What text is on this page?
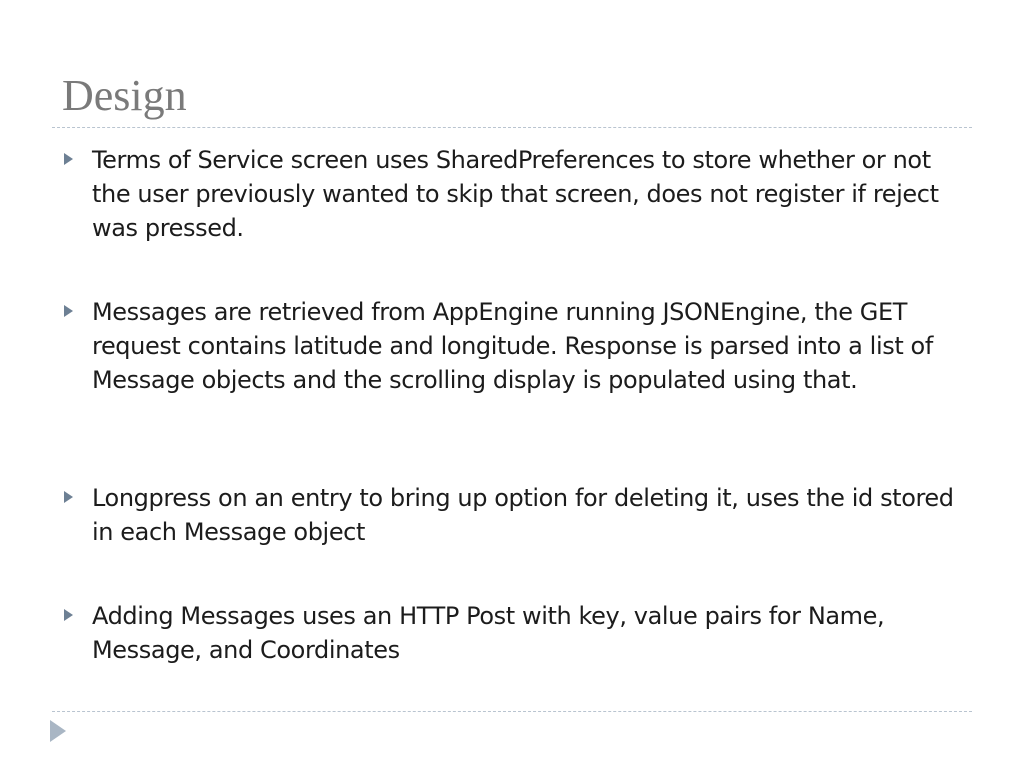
Design
Terms of Service screen uses SharedPreferences to store whether or not the user previously wanted to skip that screen, does not register if reject was pressed.
Messages are retrieved from AppEngine running JSONEngine, the GET request contains latitude and longitude. Response is parsed into a list of Message objects and the scrolling display is populated using that.
Longpress on an entry to bring up option for deleting it, uses the id stored in each Message object
Adding Messages uses an HTTP Post with key, value pairs for Name, Message, and Coordinates
